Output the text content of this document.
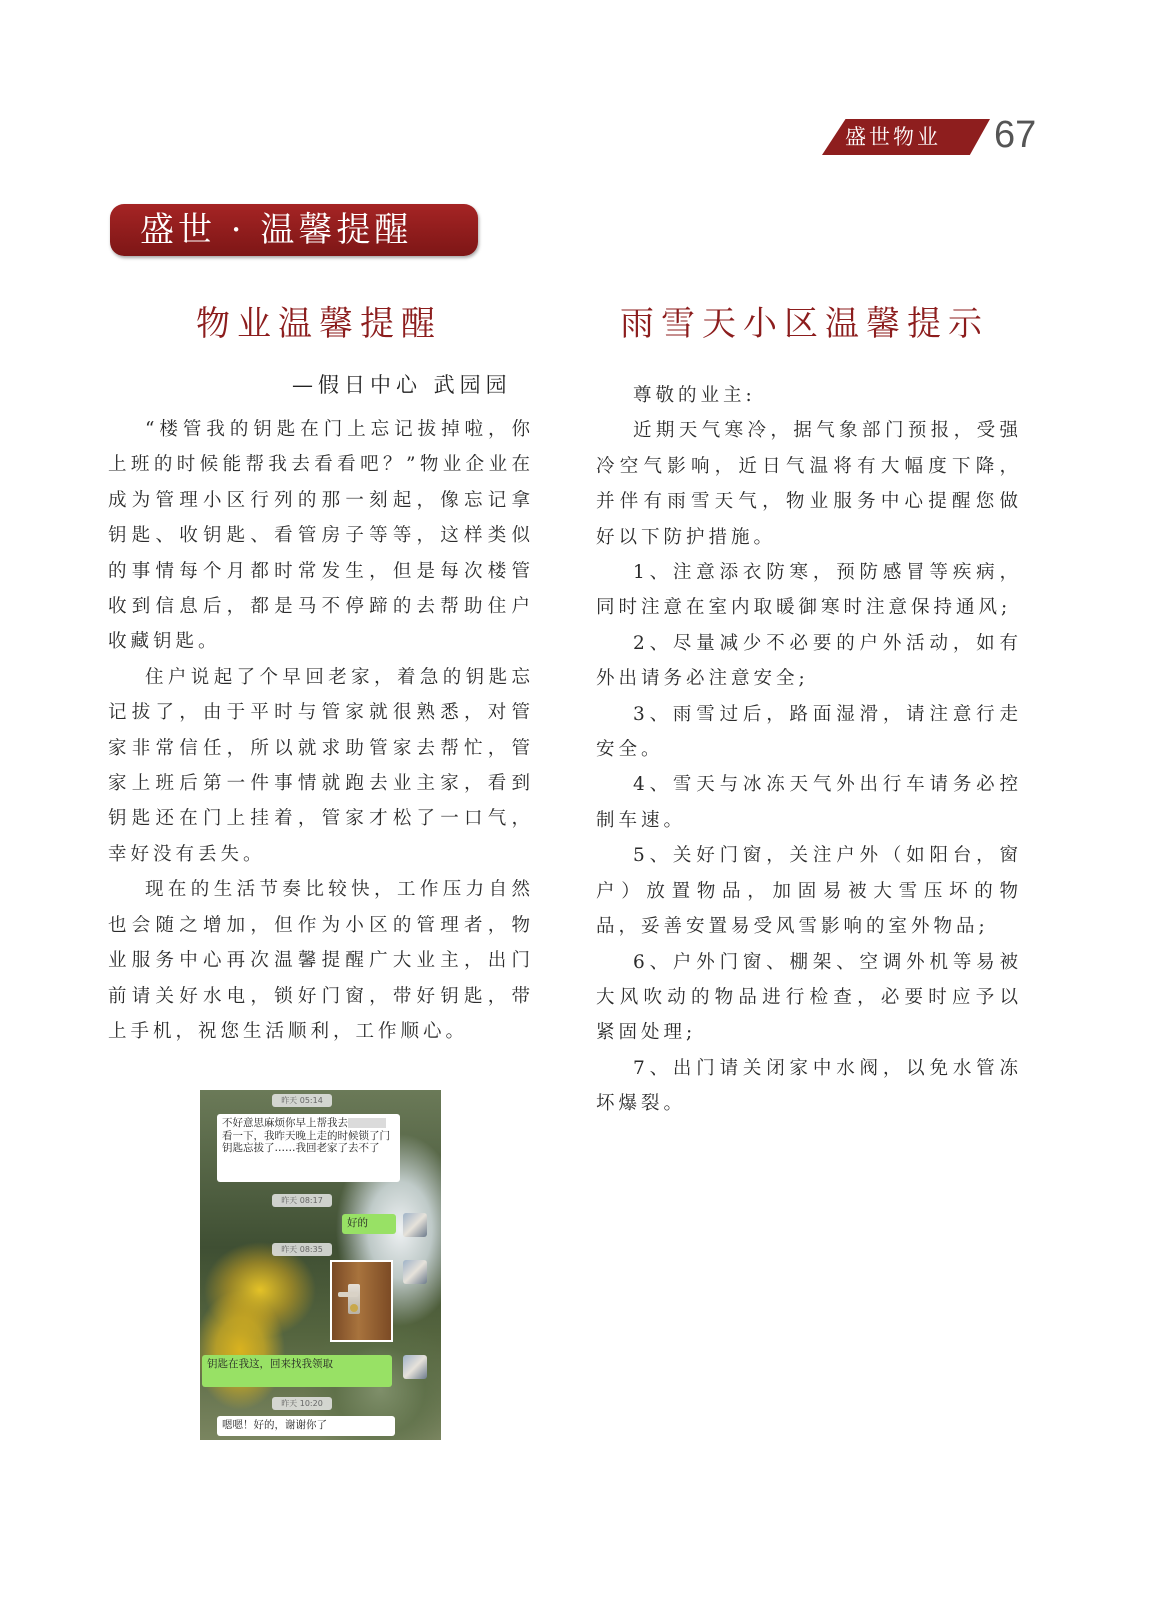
盛世物业	67
盛世 · 温馨提醒
物业温馨提醒
—假日中心 武园园

“楼管我的钥匙在门上忘记拔掉啦，你上班的时候能帮我去看看吧？”物业企业在成为管理小区行列的那一刻起，像忘记拿钥匙、收钥匙、看管房子等等，这样类似的事情每个月都时常发生，但是每次楼管收到信息后，都是马不停蹄的去帮助住户收藏钥匙。

住户说起了个早回老家，着急的钥匙忘记拔了，由于平时与管家就很熟悉，对管家非常信任，所以就求助管家去帮忙，管家上班后第一件事情就跑去业主家，看到钥匙还在门上挂着，管家才松了一口气，幸好没有丢失。

现在的生活节奏比较快，工作压力自然也会随之增加，但作为小区的管理者，物业服务中心再次温馨提醒广大业主，出门前请关好水电，锁好门窗，带好钥匙，带上手机，祝您生活顺利，工作顺心。

昨天 05:14
不好意思麻烦你早上帮我去看一下，我昨天晚上走的时候锁了门钥匙忘拔了……我回老家了去不了
昨天 08:17
好的
昨天 08:35
钥匙在我这，回来找我领取
昨天 10:20
嗯嗯！好的，谢谢你了
雨雪天小区温馨提示

尊敬的业主:

近期天气寒冷，据气象部门预报，受强冷空气影响，近日气温将有大幅度下降，并伴有雨雪天气，物业服务中心提醒您做好以下防护措施。

1、注意添衣防寒，预防感冒等疾病，同时注意在室内取暖御寒时注意保持通风;

2、尽量减少不必要的户外活动，如有外出请务必注意安全;

3、雨雪过后，路面湿滑，请注意行走安全。

4、雪天与冰冻天气外出行车请务必控制车速。

5、关好门窗，关注户外（如阳台，窗户）放置物品，加固易被大雪压坏的物品，妥善安置易受风雪影响的室外物品;

6、户外门窗、棚架、空调外机等易被大风吹动的物品进行检查，必要时应予以紧固处理;

7、出门请关闭家中水阀，以免水管冻坏爆裂。
